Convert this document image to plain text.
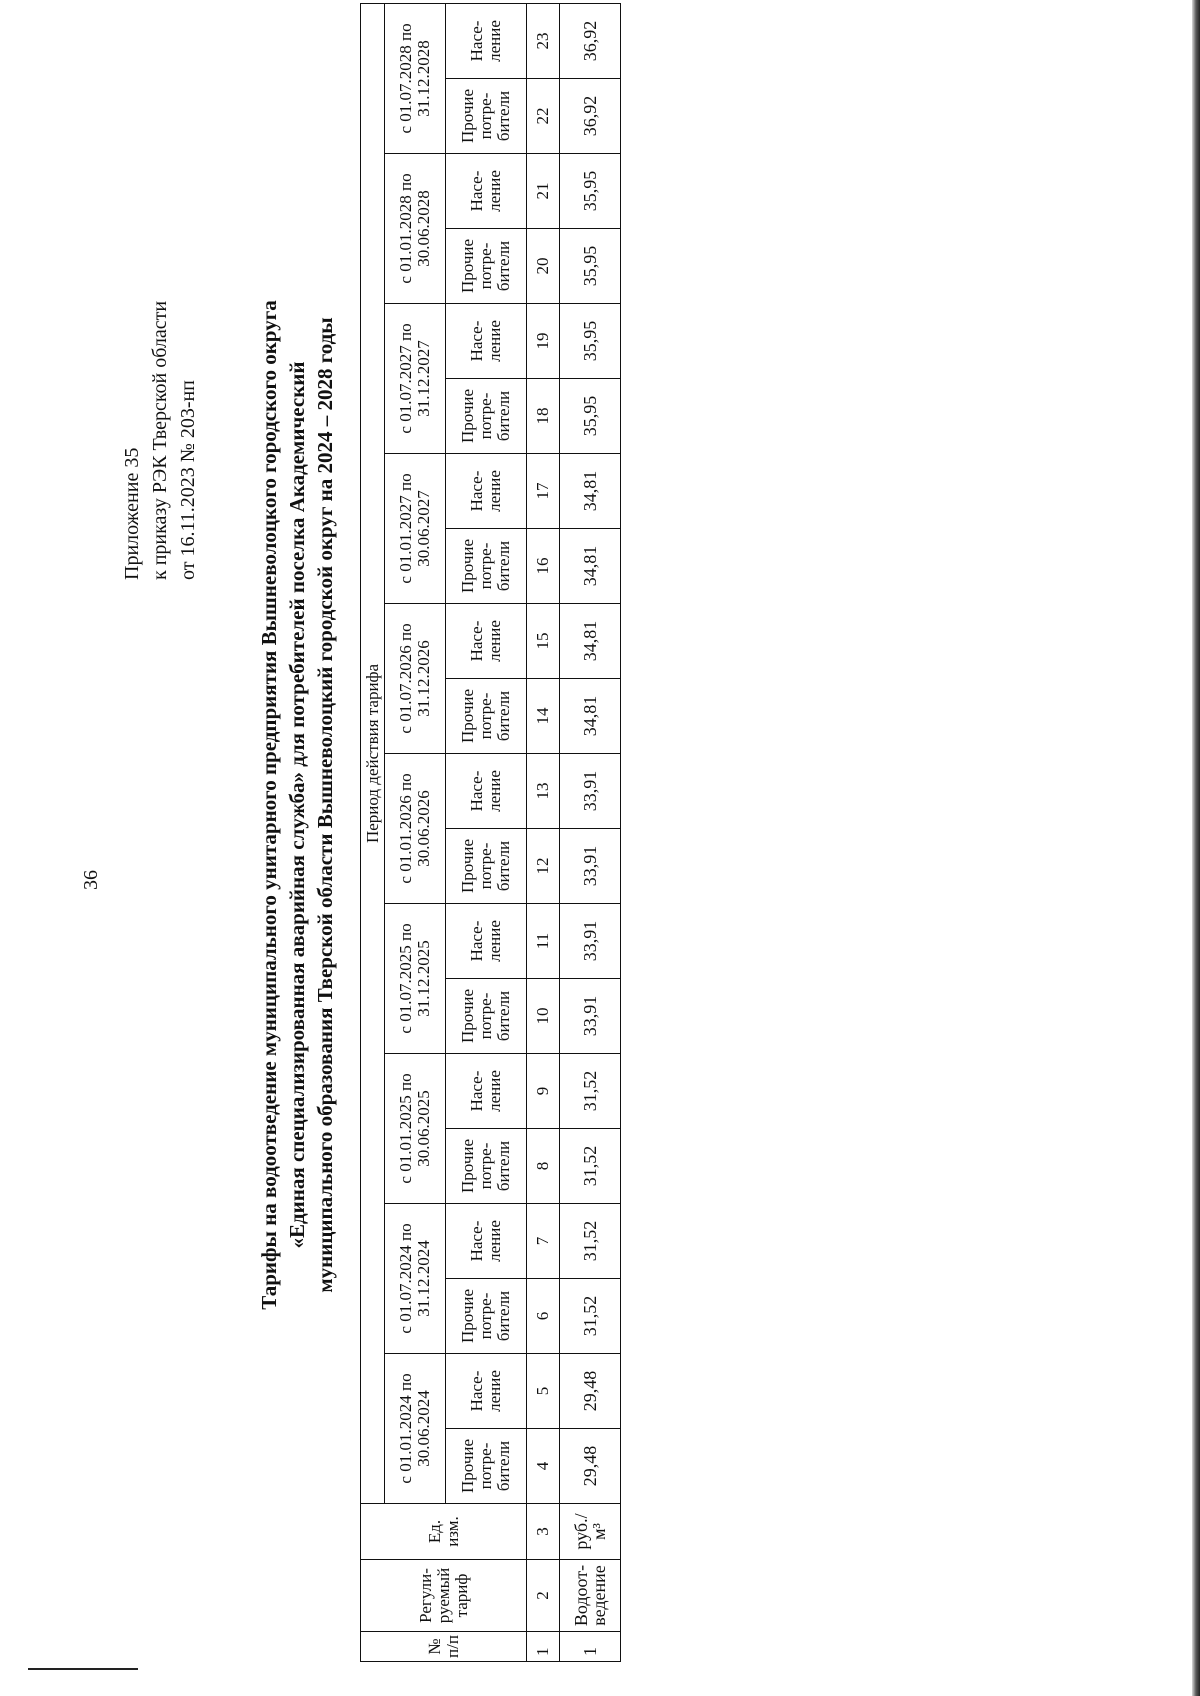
36
Приложение 35 к приказу РЭК Тверской области от 16.11.2023 № 203-нп	Тарифы на водоотведение муниципального унитарного предприятия Вышневолоцкого городского округа «Единая специализированная аварийная служба» для потребителей поселка Академический муниципального образования Тверской области Вышневолоцкий городской округ на 2024 – 2028 годы
№ п/п	Регули-руемый тариф	Ед. изм.	Период действия тарифа																			
			с 01.01.2024 по 30.06.2024		с 01.07.2024 по 31.12.2024		с 01.01.2025 по 30.06.2025		с 01.07.2025 по 31.12.2025		с 01.01.2026 по 30.06.2026		с 01.07.2026 по 31.12.2026		с 01.01.2027 по 30.06.2027		с 01.07.2027 по 31.12.2027		с 01.01.2028 по 30.06.2028		с 01.07.2028 по 31.12.2028	
			Прочие потре-бители	Насе-ление	Прочие потре-бители	Насе-ление	Прочие потре-бители	Насе-ление	Прочие потре-бители	Насе-ление	Прочие потре-бители	Насе-ление	Прочие потре-бители	Насе-ление	Прочие потре-бители	Насе-ление	Прочие потре-бители	Насе-ление	Прочие потре-бители	Насе-ление	Прочие потре-бители	Насе-ление
1	2	3	4	5	6	7	8	9	10	11	12	13	14	15	16	17	18	19	20	21	22	23
1	Водоот-ведение	руб./м³	29,48	29,48	31,52	31,52	31,52	31,52	33,91	33,91	33,91	33,91	34,81	34,81	34,81	34,81	35,95	35,95	35,95	35,95	36,92	36,92
